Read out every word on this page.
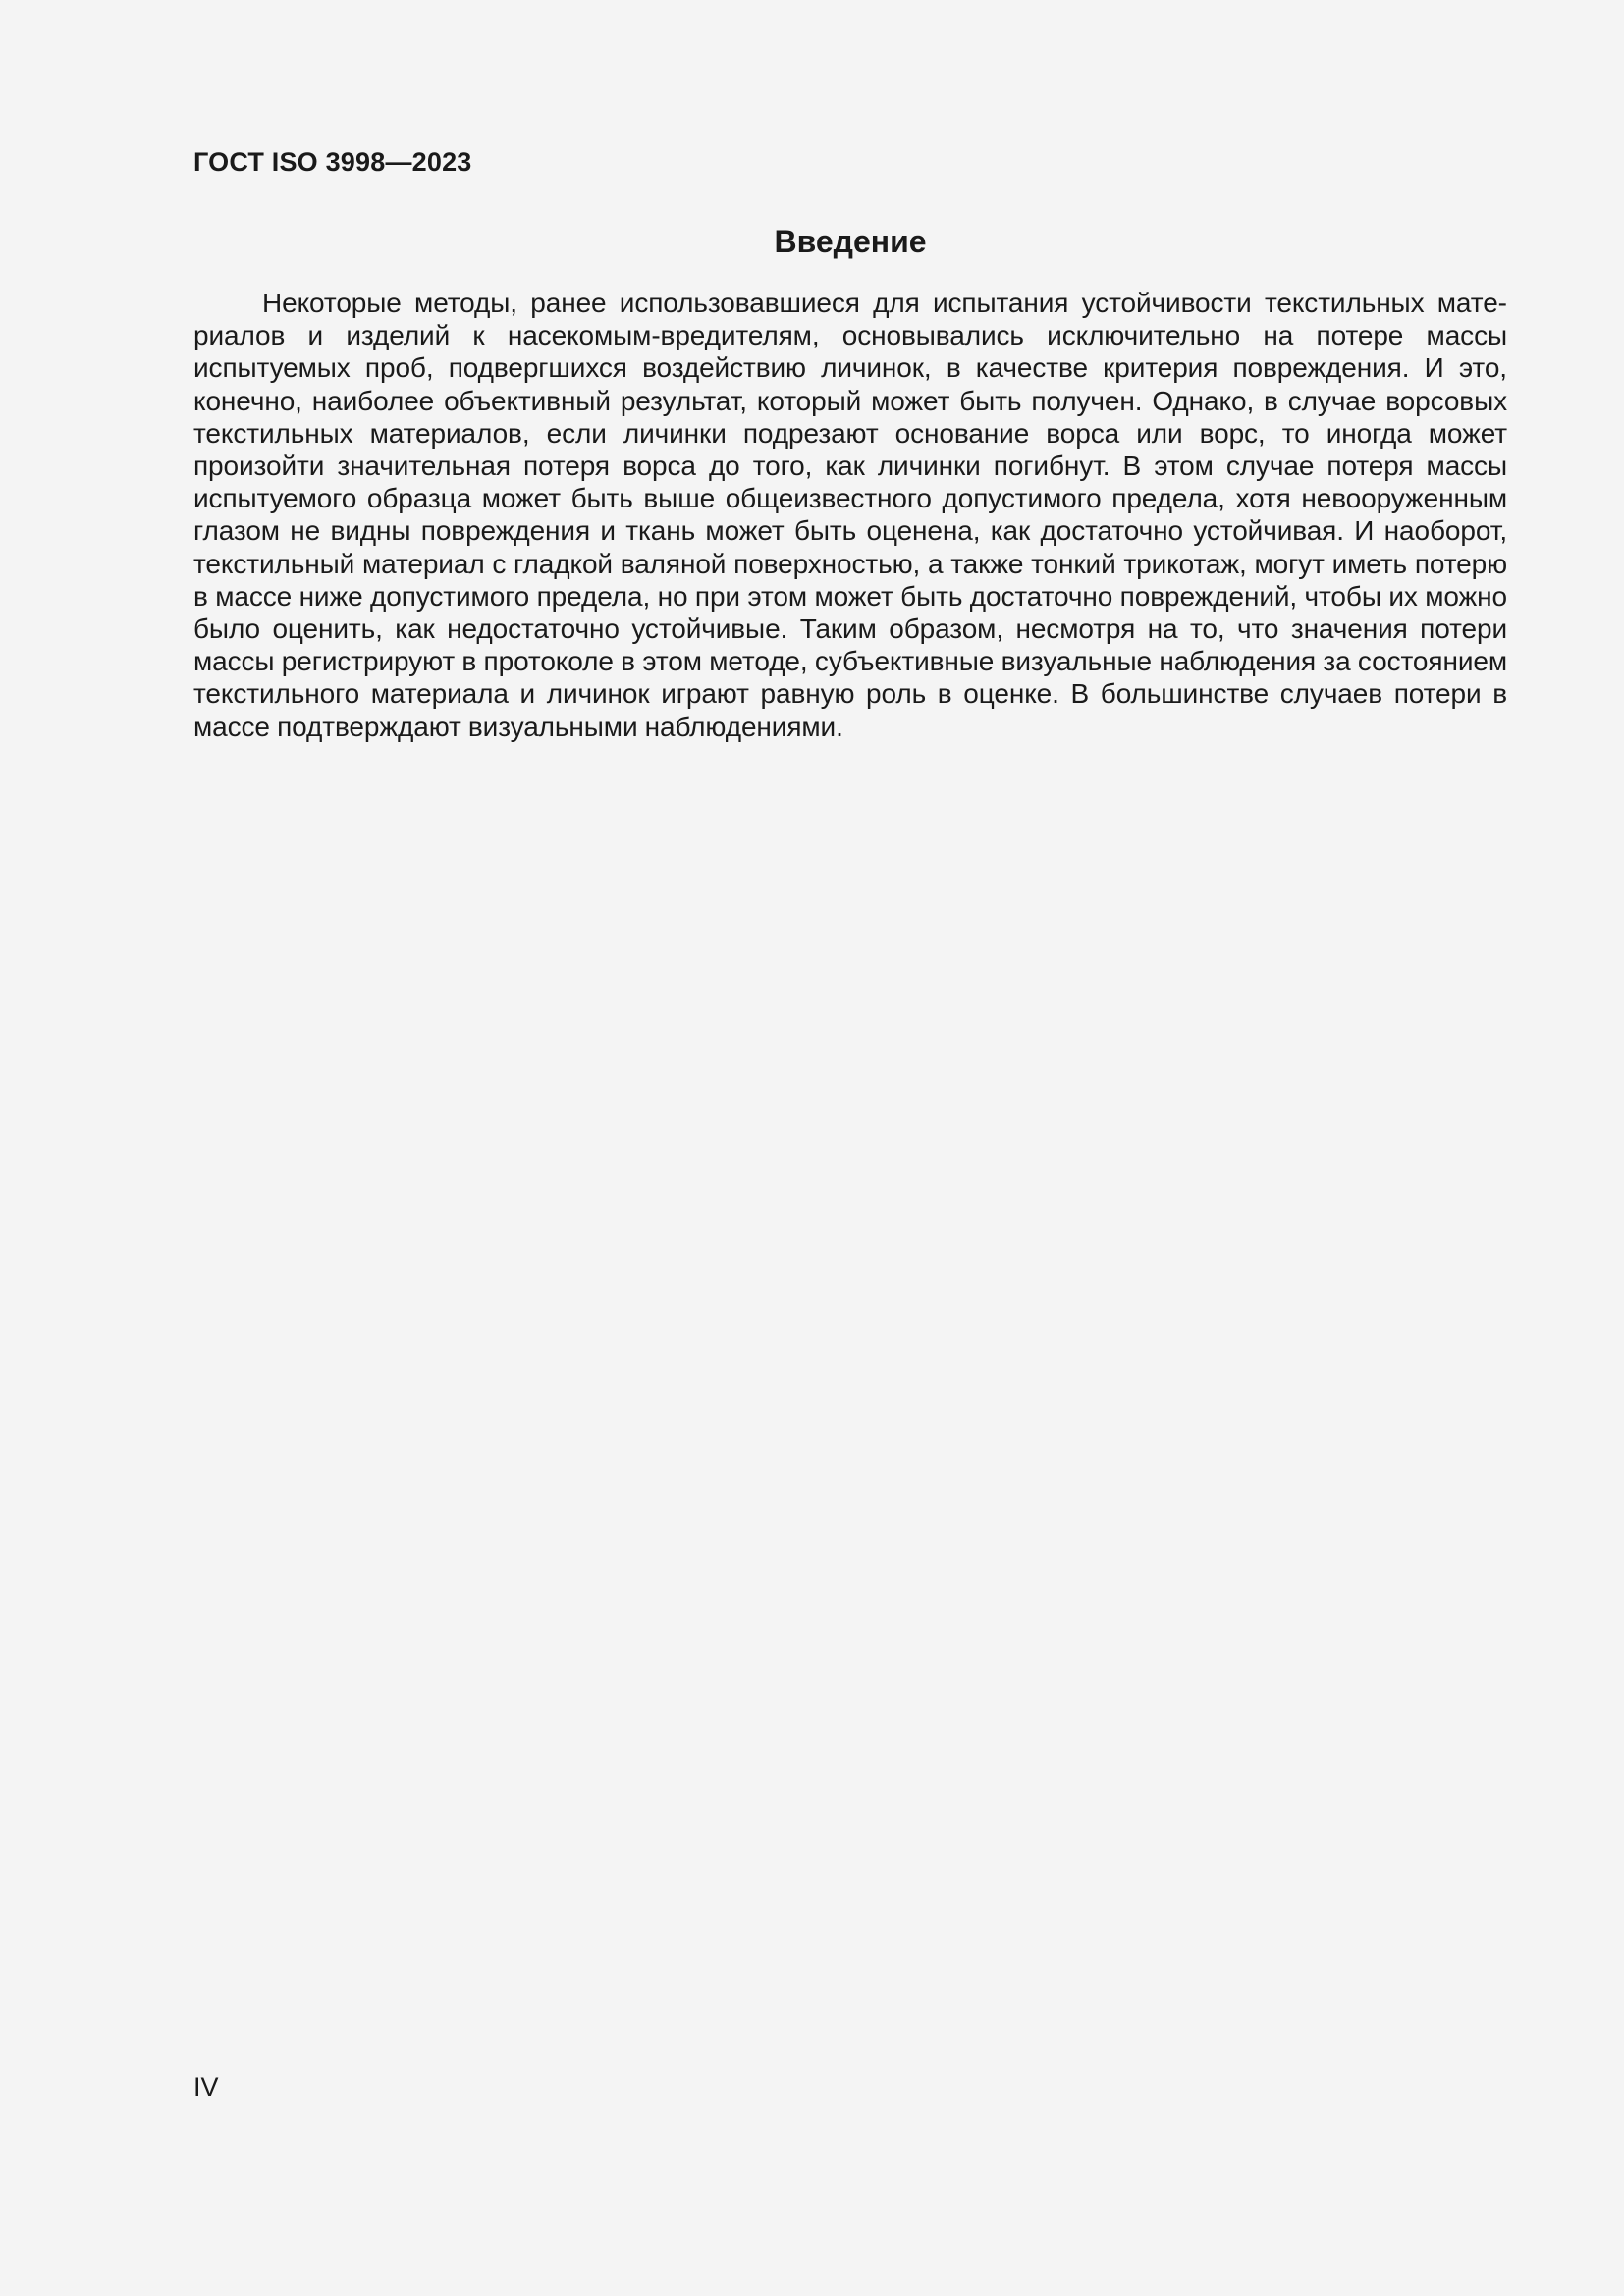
ГОСТ ISO 3998—2023

Введение

Некоторые методы, ранее использовавшиеся для испытания устойчивости текстильных материалов и изделий к насекомым-вредителям, основывались исключительно на потере массы испытуемых проб, подвергшихся воздействию личинок, в качестве критерия повреждения. И это, конечно, наиболее объективный результат, который может быть получен. Однако, в случае ворсовых текстильных материалов, если личинки подрезают основание ворса или ворс, то иногда может произойти значительная потеря ворса до того, как личинки погибнут. В этом случае потеря массы испытуемого образца может быть выше общеизвестного допустимого предела, хотя невооруженным глазом не видны повреждения и ткань может быть оценена, как достаточно устойчивая. И наоборот, текстильный материал с гладкой валяной поверхностью, а также тонкий трикотаж, могут иметь потерю в массе ниже допустимого предела, но при этом может быть достаточно повреждений, чтобы их можно было оценить, как недостаточно устойчивые. Таким образом, несмотря на то, что значения потери массы регистрируют в протоколе в этом методе, субъективные визуальные наблюдения за состоянием текстильного материала и личинок играют равную роль в оценке. В большинстве случаев потери в массе подтверждают визуальными наблюдениями.

IV
